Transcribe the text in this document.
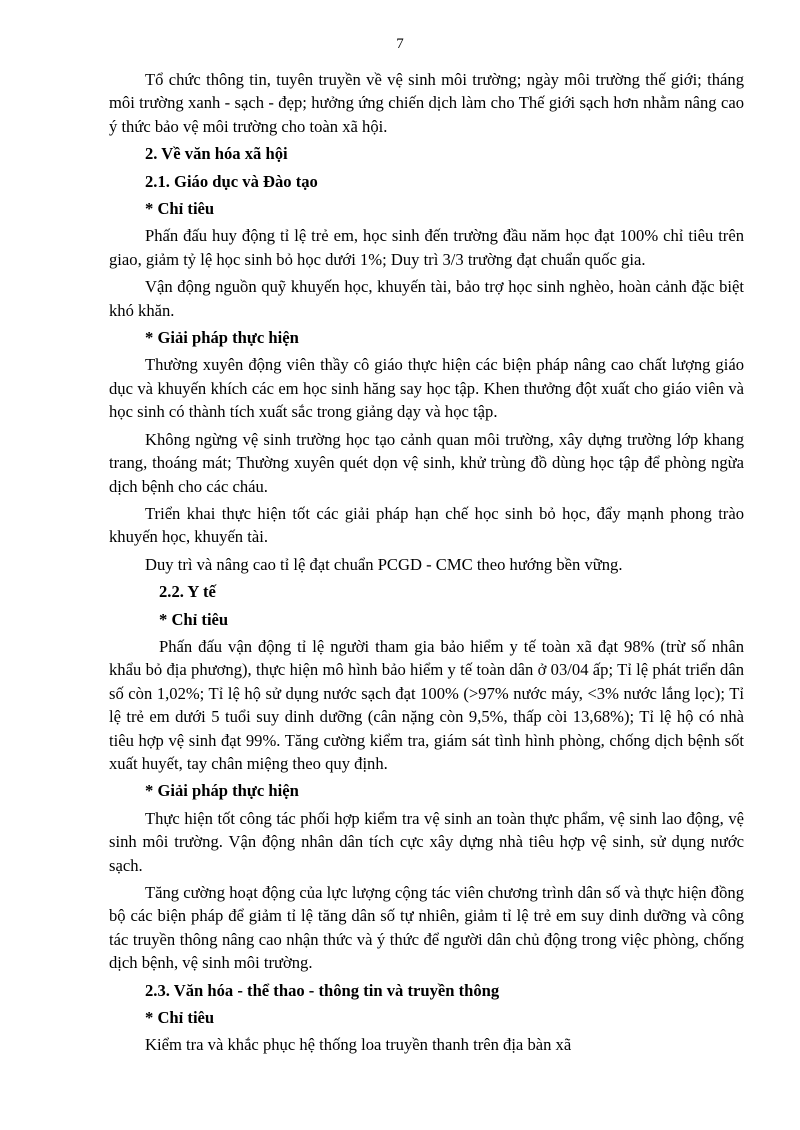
7

Tổ chức thông tin, tuyên truyền về vệ sinh môi trường; ngày môi trường thế giới; tháng môi trường xanh - sạch - đẹp; hưởng ứng chiến dịch làm cho Thế giới sạch hơn nhằm nâng cao ý thức bảo vệ môi trường cho toàn xã hội.

2. Về văn hóa xã hội

2.1. Giáo dục và Đào tạo

* Chỉ tiêu

Phấn đấu huy động tỉ lệ trẻ em, học sinh đến trường đầu năm học đạt 100% chỉ tiêu trên giao, giảm tỷ lệ học sinh bỏ học dưới 1%; Duy trì 3/3 trường đạt chuẩn quốc gia.

Vận động nguồn quỹ khuyến học, khuyến tài, bảo trợ học sinh nghèo, hoàn cảnh đặc biệt khó khăn.

* Giải pháp thực hiện

Thường xuyên động viên thầy cô giáo thực hiện các biện pháp nâng cao chất lượng giáo dục và khuyến khích các em học sinh hăng say học tập. Khen thưởng đột xuất cho giáo viên và học sinh có thành tích xuất sắc trong giảng dạy và học tập.

Không ngừng vệ sinh trường học tạo cảnh quan môi trường, xây dựng trường lớp khang trang, thoáng mát; Thường xuyên quét dọn vệ sinh, khử trùng đồ dùng học tập để phòng ngừa dịch bệnh cho các cháu.

Triển khai thực hiện tốt các giải pháp hạn chế học sinh bỏ học, đẩy mạnh phong trào khuyến học, khuyến tài.

Duy trì và nâng cao tỉ lệ đạt chuẩn PCGD - CMC theo hướng bền vững.

2.2. Y tế

* Chỉ tiêu

Phấn đấu vận động tỉ lệ người tham gia bảo hiểm y tế toàn xã đạt 98% (trừ số nhân khẩu bỏ địa phương), thực hiện mô hình bảo hiểm y tế toàn dân ở 03/04 ấp; Tỉ lệ phát triển dân số còn 1,02%; Tỉ lệ hộ sử dụng nước sạch đạt 100% (>97% nước máy, <3% nước lắng lọc); Tỉ lệ trẻ em dưới 5 tuổi suy dinh dưỡng (cân nặng còn 9,5%, thấp còi 13,68%); Tỉ lệ hộ có nhà tiêu hợp vệ sinh đạt 99%. Tăng cường kiểm tra, giám sát tình hình phòng, chống dịch bệnh sốt xuất huyết, tay chân miệng theo quy định.

* Giải pháp thực hiện

Thực hiện tốt công tác phối hợp kiểm tra vệ sinh an toàn thực phẩm, vệ sinh lao động, vệ sinh môi trường. Vận động nhân dân tích cực xây dựng nhà tiêu hợp vệ sinh, sử dụng nước sạch.

Tăng cường hoạt động của lực lượng cộng tác viên chương trình dân số và thực hiện đồng bộ các biện pháp để giảm tỉ lệ tăng dân số tự nhiên, giảm tỉ lệ trẻ em suy dinh dưỡng và công tác truyền thông nâng cao nhận thức và ý thức để người dân chủ động trong việc phòng, chống dịch bệnh, vệ sinh môi trường.

2.3. Văn hóa - thể thao - thông tin và truyền thông

* Chỉ tiêu

Kiểm tra và khắc phục hệ thống loa truyền thanh trên địa bàn xã
